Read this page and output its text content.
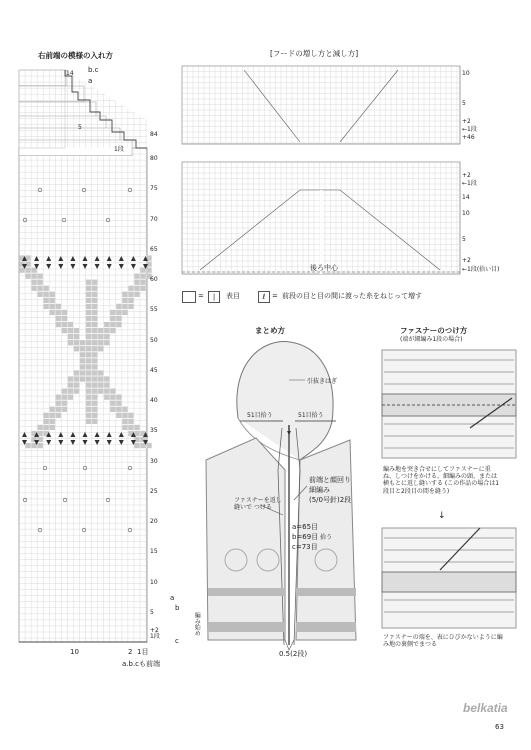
右前端の模様の入れ方
b.c
a
14
5
1段
84
80
75
70
65
60
55
50
45
40
35
30
25
20
15
10
5
+2
1段
a
b
c
編み始め
10	2 1目
a.b.cも前端
[フードの増し方と減し方]
10
5
+2
←1段
+46
+2
←1段
14
10
5
+2
←1段(拾い目)
後ろ中心
=	|	表目	ℓ = 前段の目と目の間に渡った糸をねじって増す
まとめ方
引抜きはぎ
51目拾う	51目拾う
前端と顔回り
細編み
(5/0号針)2段
ファスナーを返し縫いで つける
a=65目
b=69目
c=73目
拾う
0.5(2段)
ファスナーのつけ方
(端が細編み1段の場合)
編み地を突き合せにしてファスナーに重ね、しつけをかける。細編みの頭、または横もとに返し縫いする (この作品の場合は1段目と2段目の間を縫う)
↓
ファスナーの端を、表にひびかないように編み地の裏側でまつる
belkatia
63
